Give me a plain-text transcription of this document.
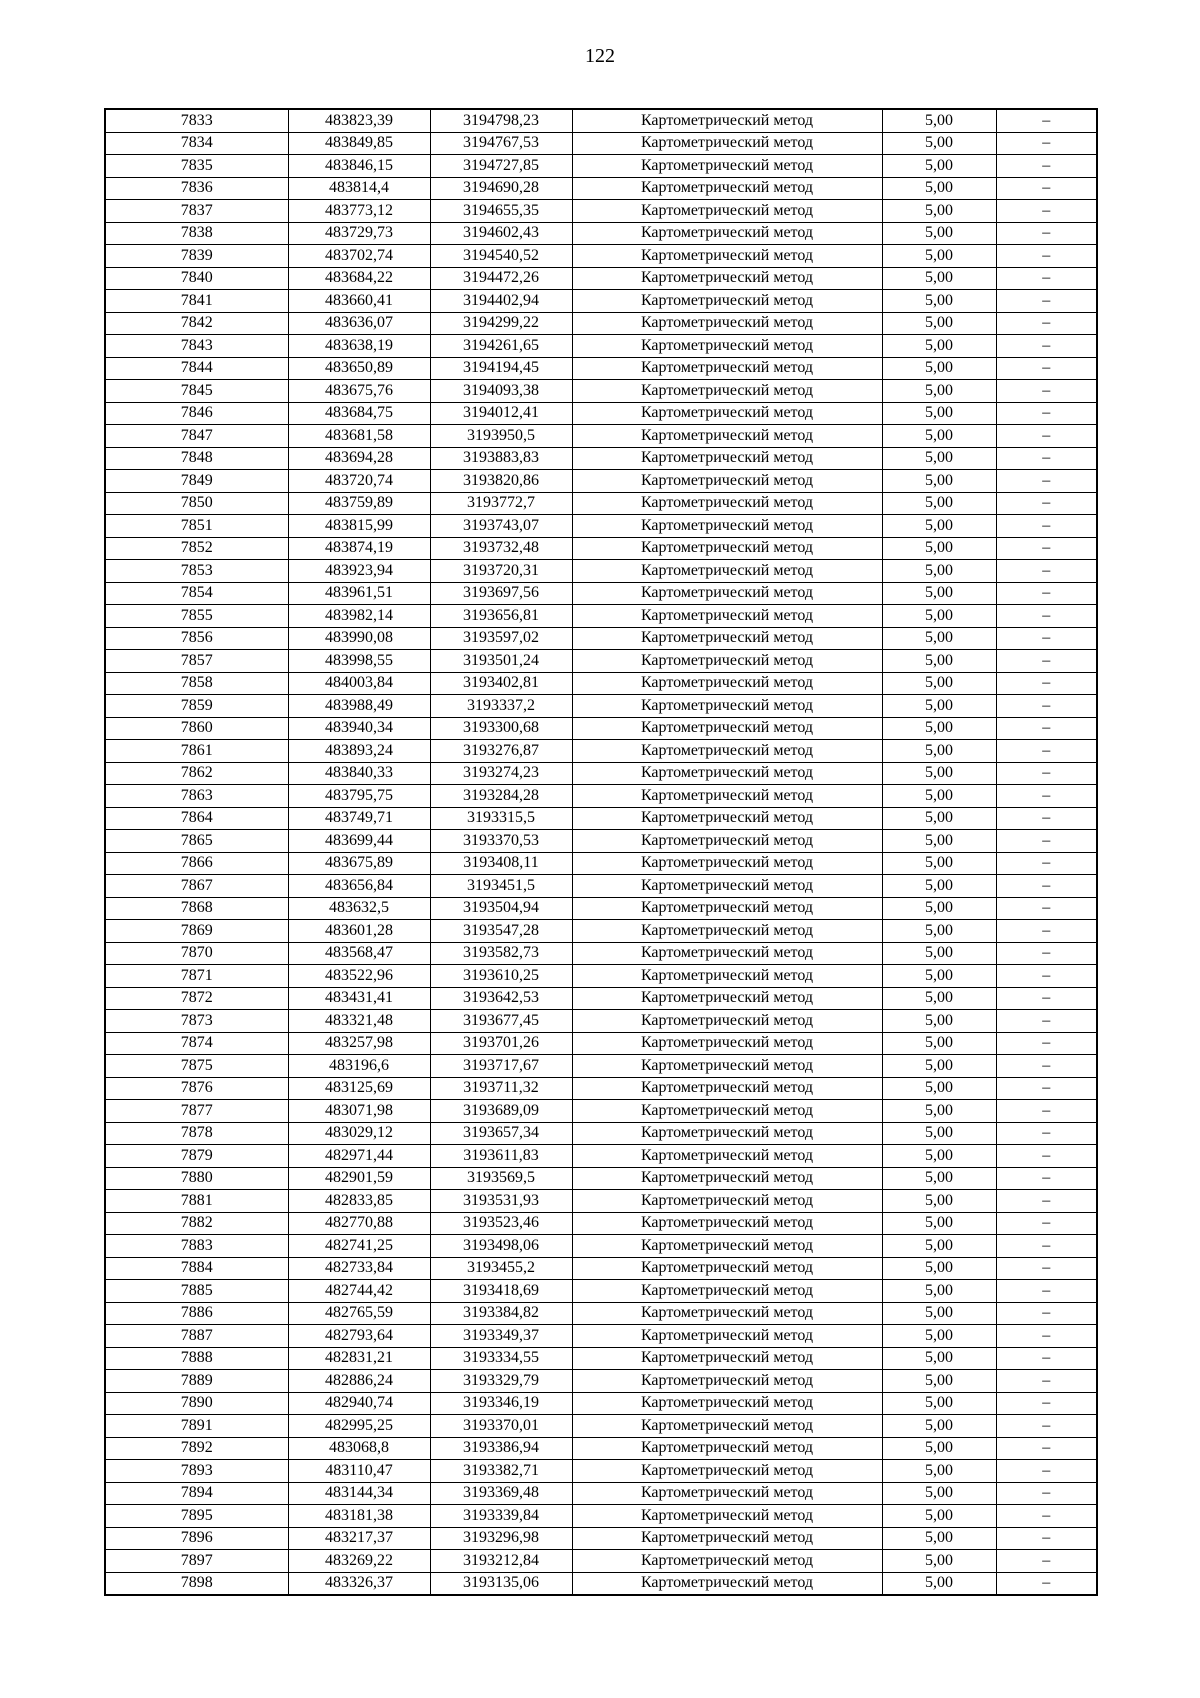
122
7833	483823,39	3194798,23	Картометрический метод	5,00	–
7834	483849,85	3194767,53	Картометрический метод	5,00	–
7835	483846,15	3194727,85	Картометрический метод	5,00	–
7836	483814,4	3194690,28	Картометрический метод	5,00	–
7837	483773,12	3194655,35	Картометрический метод	5,00	–
7838	483729,73	3194602,43	Картометрический метод	5,00	–
7839	483702,74	3194540,52	Картометрический метод	5,00	–
7840	483684,22	3194472,26	Картометрический метод	5,00	–
7841	483660,41	3194402,94	Картометрический метод	5,00	–
7842	483636,07	3194299,22	Картометрический метод	5,00	–
7843	483638,19	3194261,65	Картометрический метод	5,00	–
7844	483650,89	3194194,45	Картометрический метод	5,00	–
7845	483675,76	3194093,38	Картометрический метод	5,00	–
7846	483684,75	3194012,41	Картометрический метод	5,00	–
7847	483681,58	3193950,5	Картометрический метод	5,00	–
7848	483694,28	3193883,83	Картометрический метод	5,00	–
7849	483720,74	3193820,86	Картометрический метод	5,00	–
7850	483759,89	3193772,7	Картометрический метод	5,00	–
7851	483815,99	3193743,07	Картометрический метод	5,00	–
7852	483874,19	3193732,48	Картометрический метод	5,00	–
7853	483923,94	3193720,31	Картометрический метод	5,00	–
7854	483961,51	3193697,56	Картометрический метод	5,00	–
7855	483982,14	3193656,81	Картометрический метод	5,00	–
7856	483990,08	3193597,02	Картометрический метод	5,00	–
7857	483998,55	3193501,24	Картометрический метод	5,00	–
7858	484003,84	3193402,81	Картометрический метод	5,00	–
7859	483988,49	3193337,2	Картометрический метод	5,00	–
7860	483940,34	3193300,68	Картометрический метод	5,00	–
7861	483893,24	3193276,87	Картометрический метод	5,00	–
7862	483840,33	3193274,23	Картометрический метод	5,00	–
7863	483795,75	3193284,28	Картометрический метод	5,00	–
7864	483749,71	3193315,5	Картометрический метод	5,00	–
7865	483699,44	3193370,53	Картометрический метод	5,00	–
7866	483675,89	3193408,11	Картометрический метод	5,00	–
7867	483656,84	3193451,5	Картометрический метод	5,00	–
7868	483632,5	3193504,94	Картометрический метод	5,00	–
7869	483601,28	3193547,28	Картометрический метод	5,00	–
7870	483568,47	3193582,73	Картометрический метод	5,00	–
7871	483522,96	3193610,25	Картометрический метод	5,00	–
7872	483431,41	3193642,53	Картометрический метод	5,00	–
7873	483321,48	3193677,45	Картометрический метод	5,00	–
7874	483257,98	3193701,26	Картометрический метод	5,00	–
7875	483196,6	3193717,67	Картометрический метод	5,00	–
7876	483125,69	3193711,32	Картометрический метод	5,00	–
7877	483071,98	3193689,09	Картометрический метод	5,00	–
7878	483029,12	3193657,34	Картометрический метод	5,00	–
7879	482971,44	3193611,83	Картометрический метод	5,00	–
7880	482901,59	3193569,5	Картометрический метод	5,00	–
7881	482833,85	3193531,93	Картометрический метод	5,00	–
7882	482770,88	3193523,46	Картометрический метод	5,00	–
7883	482741,25	3193498,06	Картометрический метод	5,00	–
7884	482733,84	3193455,2	Картометрический метод	5,00	–
7885	482744,42	3193418,69	Картометрический метод	5,00	–
7886	482765,59	3193384,82	Картометрический метод	5,00	–
7887	482793,64	3193349,37	Картометрический метод	5,00	–
7888	482831,21	3193334,55	Картометрический метод	5,00	–
7889	482886,24	3193329,79	Картометрический метод	5,00	–
7890	482940,74	3193346,19	Картометрический метод	5,00	–
7891	482995,25	3193370,01	Картометрический метод	5,00	–
7892	483068,8	3193386,94	Картометрический метод	5,00	–
7893	483110,47	3193382,71	Картометрический метод	5,00	–
7894	483144,34	3193369,48	Картометрический метод	5,00	–
7895	483181,38	3193339,84	Картометрический метод	5,00	–
7896	483217,37	3193296,98	Картометрический метод	5,00	–
7897	483269,22	3193212,84	Картометрический метод	5,00	–
7898	483326,37	3193135,06	Картометрический метод	5,00	–
